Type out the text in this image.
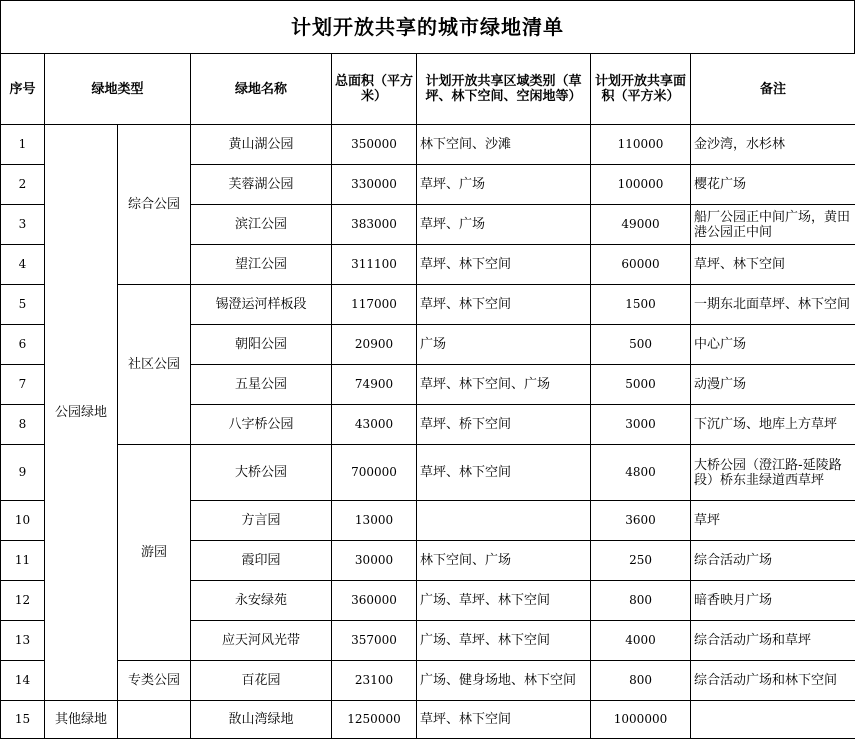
计划开放共享的城市绿地清单
序号	绿地类型		绿地名称	总面积（平方米）	计划开放共享区域类别（草坪、林下空间、空闲地等）	计划开放共享面积（平方米）	备注
1	公园绿地	综合公园	黄山湖公园	350000	林下空间、沙滩	110000	金沙湾，水杉林
2			芙蓉湖公园	330000	草坪、广场	100000	樱花广场
3			滨江公园	383000	草坪、广场	49000	船厂公园正中间广场，黄田港公园正中间
4			望江公园	311100	草坪、林下空间	60000	草坪、林下空间
5		社区公园	锡澄运河样板段	117000	草坪、林下空间	1500	一期东北面草坪、林下空间
6			朝阳公园	20900	广场	500	中心广场
7			五星公园	74900	草坪、林下空间、广场	5000	动漫广场
8			八字桥公园	43000	草坪、桥下空间	3000	下沉广场、地库上方草坪
9		游园	大桥公园	700000	草坪、林下空间	4800	大桥公园（澄江路-延陵路段）桥东韭绿道西草坪
10			方言园	13000		3600	草坪
11			霞印园	30000	林下空间、广场	250	综合活动广场
12			永安绿苑	360000	广场、草坪、林下空间	800	暗香映月广场
13			应天河风光带	357000	广场、草坪、林下空间	4000	综合活动广场和草坪
14		专类公园	百花园	23100	广场、健身场地、林下空间	800	综合活动广场和林下空间
15	其他绿地		敔山湾绿地	1250000	草坪、林下空间	1000000	
